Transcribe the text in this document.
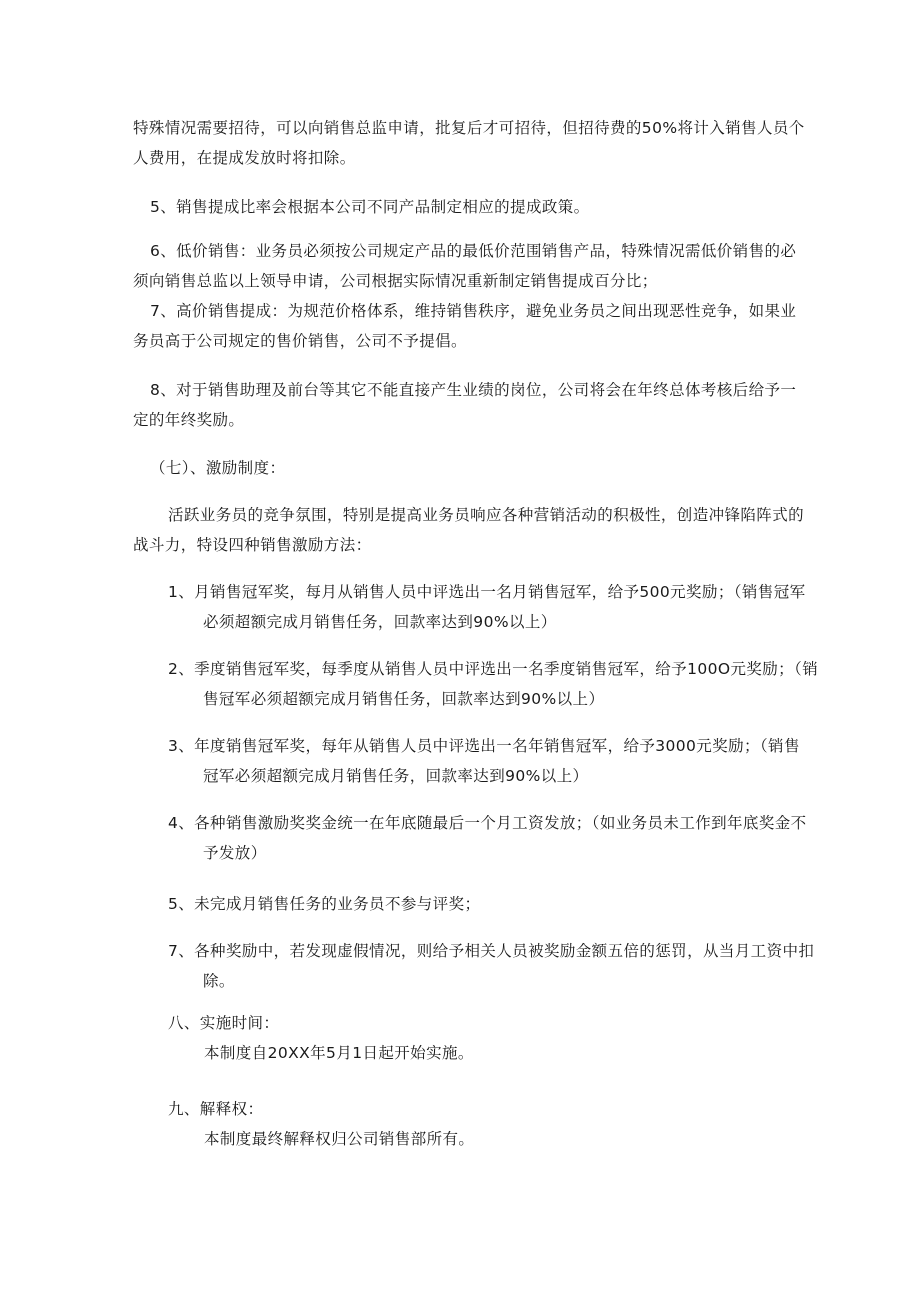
特殊情况需要招待，可以向销售总监申请，批复后才可招待，但招待费的50%将计入销售人员个
人费用，在提成发放时将扣除。

5、销售提成比率会根据本公司不同产品制定相应的提成政策。

6、低价销售：业务员必须按公司规定产品的最低价范围销售产品，特殊情况需低价销售的必
须向销售总监以上领导申请，公司根据实际情况重新制定销售提成百分比；

7、高价销售提成：为规范价格体系，维持销售秩序，避免业务员之间出现恶性竞争，如果业
务员高于公司规定的售价销售，公司不予提倡。

8、对于销售助理及前台等其它不能直接产生业绩的岗位，公司将会在年终总体考核后给予一
定的年终奖励。

（七）、激励制度：

活跃业务员的竞争氛围，特别是提高业务员响应各种营销活动的积极性，创造冲锋陷阵式的
战斗力，特设四种销售激励方法：

1、月销售冠军奖，每月从销售人员中评选出一名月销售冠军，给予500元奖励；（销售冠军
必须超额完成月销售任务，回款率达到90%以上）

2、季度销售冠军奖，每季度从销售人员中评选出一名季度销售冠军，给予100O元奖励；（销
售冠军必须超额完成月销售任务，回款率达到90%以上）

3、年度销售冠军奖，每年从销售人员中评选出一名年销售冠军，给予3000元奖励；（销售
冠军必须超额完成月销售任务，回款率达到90%以上）

4、各种销售激励奖奖金统一在年底随最后一个月工资发放；（如业务员未工作到年底奖金不
予发放）

5、未完成月销售任务的业务员不参与评奖；

7、各种奖励中，若发现虚假情况，则给予相关人员被奖励金额五倍的惩罚，从当月工资中扣
除。

八、实施时间：

本制度自20XX年5月1日起开始实施。

九、解释权：

本制度最终解释权归公司销售部所有。
